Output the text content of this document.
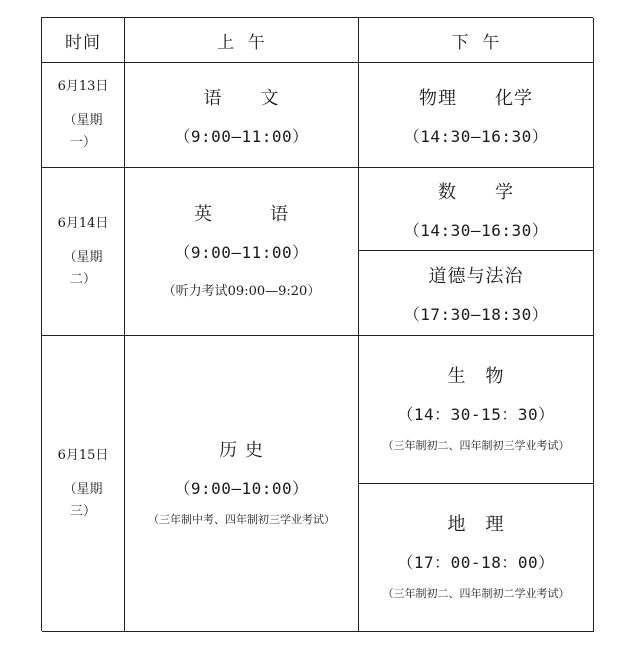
时间	上  午	下  午
6月13日
（星期
一）
语　　文
（9:00—11:00）
物理　　化学
（14:30—16:30）
6月14日
（星期
二）
英　　　语
（9:00—11:00）
（听力考试09:00—9:20）
数　　学
（14:30—16:30）
道德与法治
（17:30—18:30）
6月15日
（星期
三）
历 史
（9:00—10:00）
（三年制中考、四年制初三学业考试）
生　物
（14：30-15：30）
（三年制初二、四年制初三学业考试）
地　理
（17：00-18：00）
（三年制初二、四年制初二学业考试）
